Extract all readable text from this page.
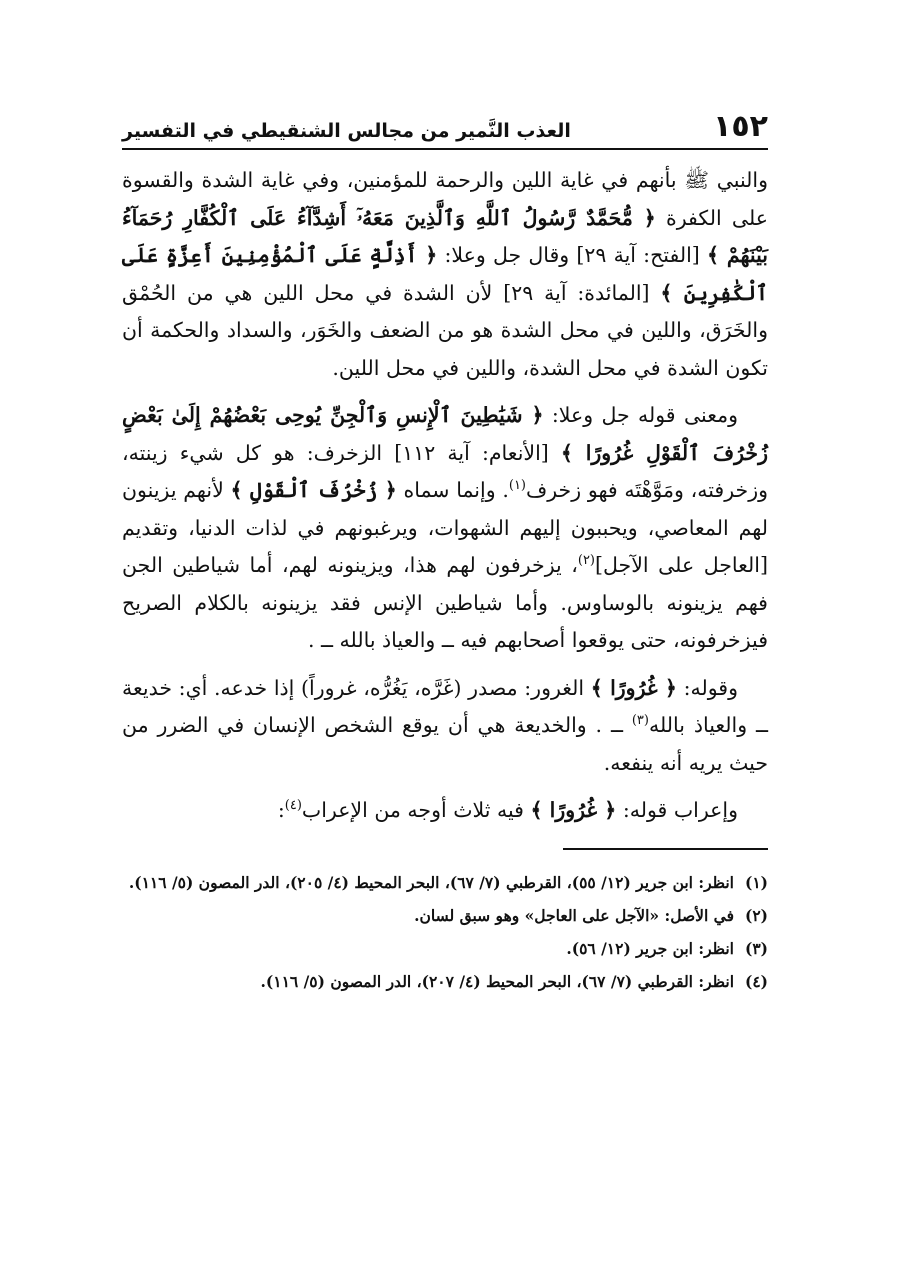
١٥٢
العذب النَّمير من مجالس الشنقيطي في التفسير

والنبي ﷺ بأنهم في غاية اللين والرحمة للمؤمنين، وفي غاية الشدة والقسوة على الكفرة ﴿ مُّحَمَّدٌ رَّسُولُ ٱللَّهِ وَٱلَّذِينَ مَعَهُۥٓ أَشِدَّآءُ عَلَى ٱلْكُفَّارِ رُحَمَآءُ بَيْنَهُمْ ﴾ [الفتح: آية ٢٩] وقال جل وعلا: ﴿ أَذِلَّةٍ عَلَى ٱلْمُؤْمِنِينَ أَعِزَّةٍ عَلَى ٱلْكَٰفِرِينَ ﴾ [المائدة: آية ٢٩] لأن الشدة في محل اللين هي من الحُمْق والخَرَق، واللين في محل الشدة هو من الضعف والخَوَر، والسداد والحكمة أن تكون الشدة في محل الشدة، واللين في محل اللين.

ومعنى قوله جل وعلا: ﴿ شَيَٰطِينَ ٱلْإِنسِ وَٱلْجِنِّ يُوحِى بَعْضُهُمْ إِلَىٰ بَعْضٍ زُخْرُفَ ٱلْقَوْلِ غُرُورًا ﴾ [الأنعام: آية ١١٢] الزخرف: هو كل شيء زينته، وزخرفته، ومَوَّهْتَه فهو زخرف$^{(١)}$. وإنما سماه ﴿ زُخْرُفَ ٱلْقَوْلِ ﴾ لأنهم يزينون لهم المعاصي، ويحببون إليهم الشهوات، ويرغبونهم في لذات الدنيا، وتقديم [العاجل على الآجل]$^{(٢)}$، يزخرفون لهم هذا، ويزينونه لهم، أما شياطين الجن فهم يزينونه بالوساوس. وأما شياطين الإنس فقد يزينونه بالكلام الصريح فيزخرفونه، حتى يوقعوا أصحابهم فيه ــ والعياذ بالله ــ .

وقوله: ﴿ غُرُورًا ﴾ الغرور: مصدر (غَرَّه، يَغُرُّه، غروراً) إذا خدعه. أي: خديعة ــ والعياذ بالله$^{(٣)}$ ــ . والخديعة هي أن يوقع الشخص الإنسان في الضرر من حيث يريه أنه ينفعه.

وإعراب قوله: ﴿ غُرُورًا ﴾ فيه ثلاث أوجه من الإعراب$^{(٤)}$:

(١)
انظر: ابن جرير (١٢/ ٥٥)، القرطبي (٧/ ٦٧)، البحر المحيط (٤/ ٢٠٥)، الدر المصون (٥/ ١١٦).
(٢)
في الأصل: «الآجل على العاجل» وهو سبق لسان.
(٣)
انظر: ابن جرير (١٢/ ٥٦).
(٤)
انظر: القرطبي (٧/ ٦٧)، البحر المحيط (٤/ ٢٠٧)، الدر المصون (٥/ ١١٦).
